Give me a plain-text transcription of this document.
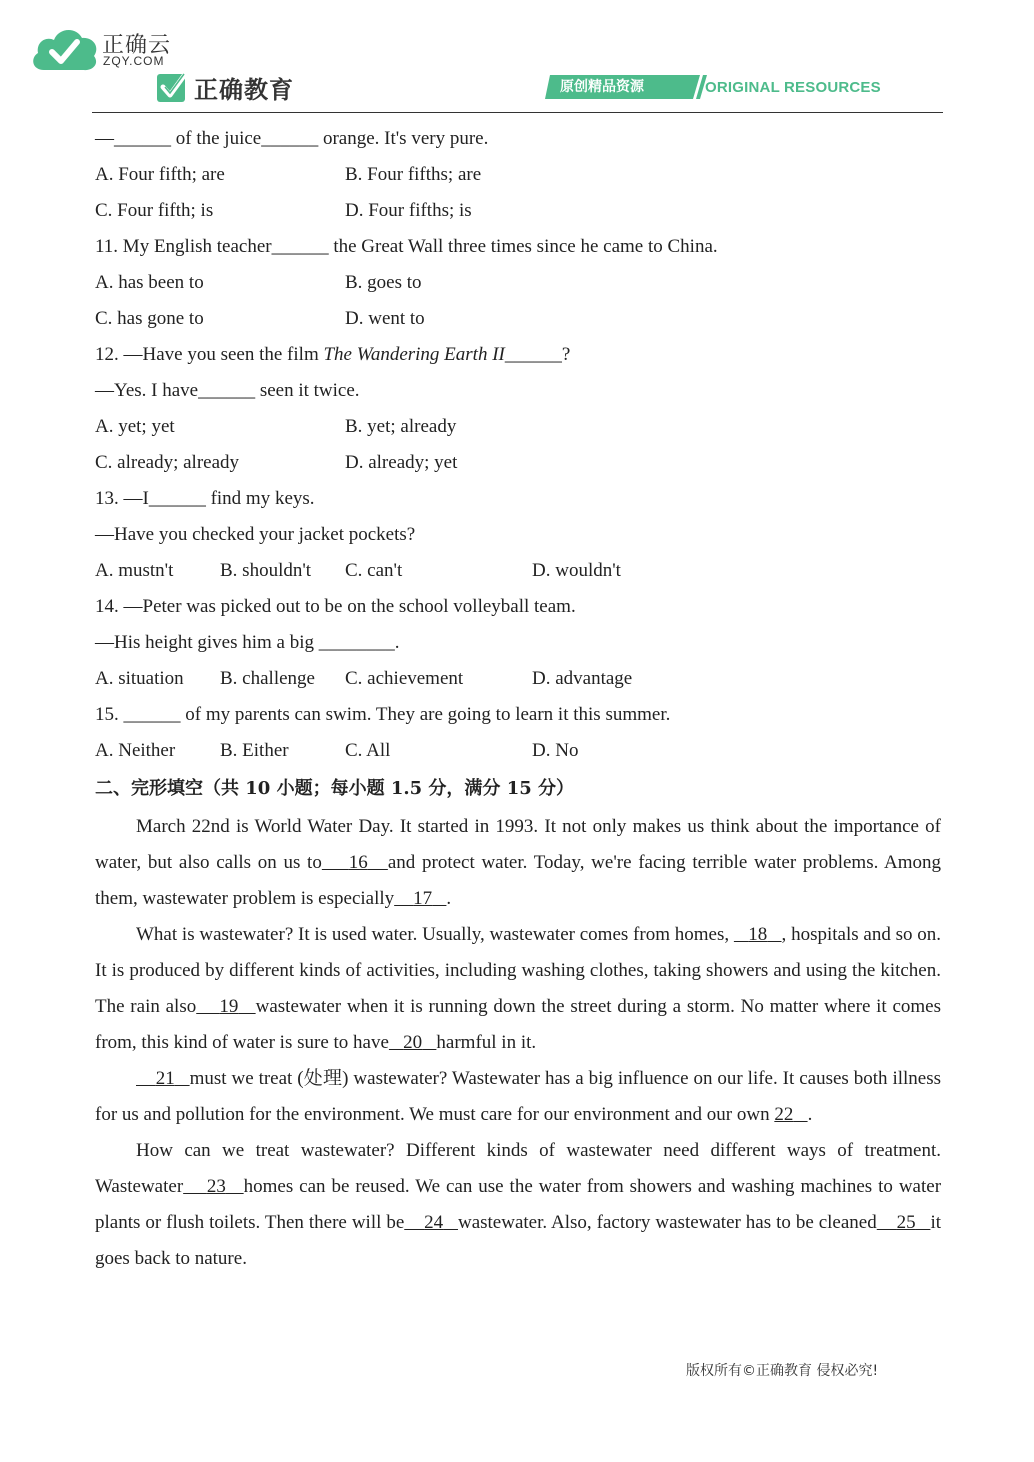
正确云
ZQY.COM
正确教育	原创精品资源	ORIGINAL RESOURCES
—______ of the juice______ orange. It's very pure.
A. Four fifth; are	B. Four fifths; are
C. Four fifth; is	D. Four fifths; is
11. My English teacher______ the Great Wall three times since he came to China.
A. has been to	B. goes to
C. has gone to	D. went to
12. —Have you seen the film The Wandering Earth II______?
—Yes. I have______ seen it twice.
A. yet; yet	B. yet; already
C. already; already	D. already; yet
13. —I______ find my keys.
—Have you checked your jacket pockets?
A. mustn't B. shouldn't C. can't	D. wouldn't
14. —Peter was picked out to be on the school volleyball team.
—His height gives him a big ________.
A. situation B. challenge C. achievement	D. advantage
15. ______ of my parents can swim. They are going to learn it this summer.
A. Neither B. Either	C. All	D. No
二、完形填空（共 10 小题；每小题 1.5 分，满分 15 分）

March 22nd is World Water Day. It started in 1993. It not only makes us think about the importance of water, but also calls on us to 16 and protect water. Today, we're facing terrible water problems. Among them, wastewater problem is especially 17 .

What is wastewater? It is used water. Usually, wastewater comes from homes,    18 , hospitals and so on. It is produced by different kinds of activities, including washing clothes, taking showers and using the kitchen. The rain also 19 wastewater when it is running down the street during a storm. No matter where it comes from, this kind of water is sure to have 20 harmful in it.

21 must we treat (处理) wastewater? Wastewater has a big influence on our life. It causes both illness for us and pollution for the environment. We must care for our environment and our own 22 .

How can we treat wastewater? Different kinds of wastewater need different ways of treatment. Wastewater 23 homes can be reused. We can use the water from showers and washing machines to water plants or flush toilets. Then there will be 24 wastewater. Also, factory wastewater has to be cleaned 25 it goes back to nature.

版权所有©正确教育 侵权必究!
